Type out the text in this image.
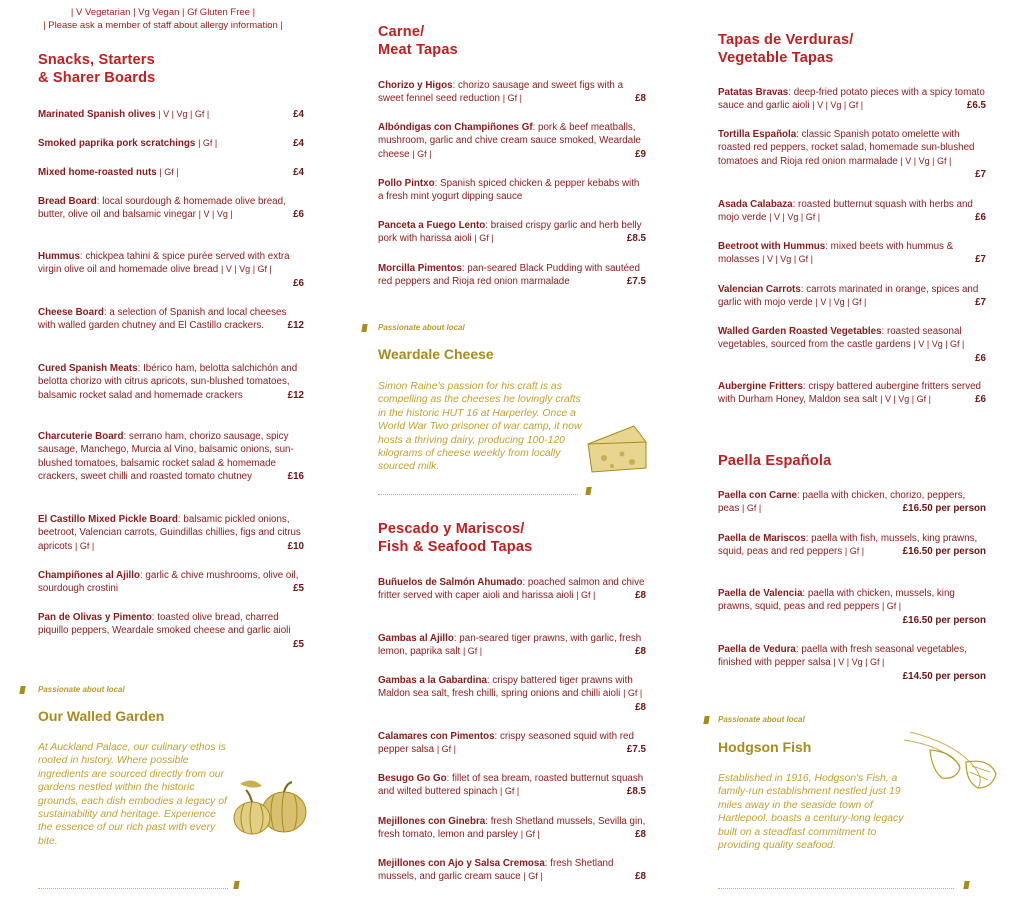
| V Vegetarian | Vg Vegan | Gf Gluten Free |
| Please ask a member of staff about allergy information |
Snacks, Starters
& Sharer Boards
Marinated Spanish olives | V | Vg | Gf |	£4
Smoked paprika pork scratchings | Gf |	£4
Mixed home-roasted nuts | Gf |	£4
Bread Board: local sourdough & homemade olive bread, butter, olive oil and balsamic vinegar | V | Vg |	£6
Hummus: chickpea tahini & spice purée served with extra virgin olive oil and homemade olive bread | V | Vg | Gf |
£6
Cheese Board: a selection of Spanish and local cheeses with walled garden chutney and El Castillo crackers. £12
Cured Spanish Meats: Ibérico ham, belotta salchichón and belotta chorizo with citrus apricots, sun-blushed tomatoes, balsamic rocket salad and homemade crackers	£12
Charcuterie Board: serrano ham, chorizo sausage, spicy sausage, Manchego, Murcia al Vino, balsamic onions, sun-blushed tomatoes, balsamic rocket salad & homemade crackers, sweet chilli and roasted tomato chutney	£16
El Castillo Mixed Pickle Board: balsamic pickled onions, beetroot, Valencian carrots, Guindillas chillies, figs and citrus apricots | Gf |	£10
Champiñones al Ajillo: garlic & chive mushrooms, olive oil, sourdough crostini	£5
Pan de Olivas y Pimento: toasted olive bread, charred piquillo peppers, Weardale smoked cheese and garlic aioli
£5
Passionate about local
Our Walled Garden
At Auckland Palace, our culinary ethos is rooted in history. Where possible ingredients are sourced directly from our gardens nestled within the historic grounds, each dish embodies a legacy of sustainability and heritage. Experience the essence of our rich past with every bite.
Carne/
Meat Tapas
Chorizo y Higos: chorizo sausage and sweet figs with a sweet fennel seed reduction | Gf |	£8
Albóndigas con Champiñones Gf: pork & beef meatballs, mushroom, garlic and chive cream sauce smoked, Weardale cheese | Gf |	£9
Pollo Pintxo: Spanish spiced chicken & pepper kebabs with a fresh mint yogurt dipping sauce
Panceta a Fuego Lento: braised crispy garlic and herb belly pork with harissa aioli | Gf |	£8.5
Morcilla Pimentos: pan-seared Black Pudding with sautéed red peppers and Rioja red onion marmalade	£7.5
Passionate about local
Weardale Cheese
Simon Raine's passion for his craft is as compelling as the cheeses he lovingly crafts in the historic HUT 16 at Harperley. Once a World War Two prisoner of war camp, it now hosts a thriving dairy, producing 100-120 kilograms of cheese weekly from locally sourced milk.
Pescado y Mariscos/
Fish & Seafood Tapas
Buñuelos de Salmón Ahumado: poached salmon and chive fritter served with caper aioli and harissa aioli | Gf |	£8
Gambas al Ajillo: pan-seared tiger prawns, with garlic, fresh lemon, paprika salt | Gf |	£8
Gambas a la Gabardina: crispy battered tiger prawns with Maldon sea salt, fresh chilli, spring onions and chilli aioli | Gf |
£8
Calamares con Pimentos: crispy seasoned squid with red pepper salsa | Gf |	£7.5
Besugo Go Go: fillet of sea bream, roasted butternut squash and wilted buttered spinach | Gf |	£8.5
Mejillones con Ginebra: fresh Shetland mussels, Sevilla gin, fresh tomato, lemon and parsley | Gf |	£8
Mejillones con Ajo y Salsa Cremosa: fresh Shetland mussels, and garlic cream sauce | Gf |	£8
Tapas de Verduras/
Vegetable Tapas
Patatas Bravas: deep-fried potato pieces with a spicy tomato sauce and garlic aioli | V | Vg | Gf |	£6.5
Tortilla Española: classic Spanish potato omelette with roasted red peppers, rocket salad, homemade sun-blushed tomatoes and Rioja red onion marmalade | V | Vg | Gf |
£7
Asada Calabaza: roasted butternut squash with herbs and mojo verde | V | Vg | Gf |	£6
Beetroot with Hummus: mixed beets with hummus & molasses | V | Vg | Gf |	£7
Valencian Carrots: carrots marinated in orange, spices and garlic with mojo verde | V | Vg | Gf |	£7
Walled Garden Roasted Vegetables: roasted seasonal vegetables, sourced from the castle gardens | V | Vg | Gf |
£6
Aubergine Fritters: crispy battered aubergine fritters served with Durham Honey, Maldon sea salt | V | Vg | Gf |	£6
Paella Española
Paella con Carne: paella with chicken, chorizo, peppers, peas | Gf |	£16.50 per person
Paella de Mariscos: paella with fish, mussels, king prawns, squid, peas and red peppers | Gf |	£16.50 per person
Paella de Valencia: paella with chicken, mussels, king prawns, squid, peas and red peppers | Gf |
£16.50 per person
Paella de Vedura: paella with fresh seasonal vegetables, finished with pepper salsa | V | Vg | Gf |
£14.50 per person
Passionate about local
Hodgson Fish
Established in 1916, Hodgson's Fish, a family-run establishment nestled just 19 miles away in the seaside town of Hartlepool, boasts a century-long legacy built on a steadfast commitment to providing quality seafood.
